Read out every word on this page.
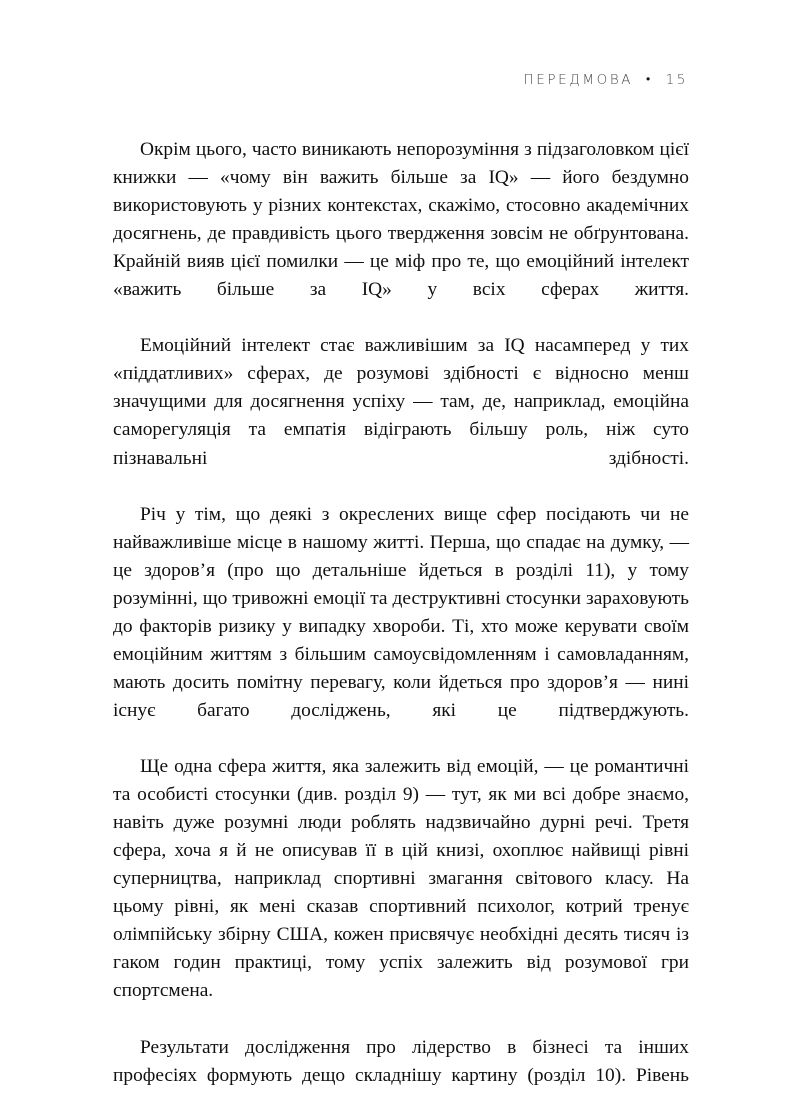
ПЕРЕДМОВА  •  15

Окрім цього, часто виникають непорозуміння з підзаголовком цієї книжки — «чому він важить більше за IQ» — його бездумно використовують у різних контекстах, скажімо, стосовно академічних досягнень, де правдивість цього твердження зовсім не обґрунтована. Крайній вияв цієї помилки — це міф про те, що емоційний інтелект «важить більше за IQ» у всіх сферах життя.

Емоційний інтелект стає важливішим за IQ насамперед у тих «піддатливих» сферах, де розумові здібності є відносно менш значущими для досягнення успіху — там, де, наприклад, емоційна саморегуляція та емпатія відіграють більшу роль, ніж суто пізнавальні здібності.

Річ у тім, що деякі з окреслених вище сфер посідають чи не найважливіше місце в нашому житті. Перша, що спадає на думку, — це здоров’я (про що детальніше йдеться в розділі 11), у тому розумінні, що тривожні емоції та деструктивні стосунки зараховують до факторів ризику у випадку хвороби. Ті, хто може керувати своїм емоційним життям з більшим самоусвідомленням і самовладанням, мають досить помітну перевагу, коли йдеться про здоров’я — нині існує багато досліджень, які це підтверджують.

Ще одна сфера життя, яка залежить від емоцій, — це романтичні та особисті стосунки (див. розділ 9) — тут, як ми всі добре знаємо, навіть дуже розумні люди роблять надзвичайно дурні речі. Третя сфера, хоча я й не описував її в цій книзі, охоплює найвищі рівні суперництва, наприклад спортивні змагання світового класу. На цьому рівні, як мені сказав спортивний психолог, котрий тренує олімпійську збірну США, кожен присвячує необхідні десять тисяч із гаком годин практиці, тому успіх залежить від розумової гри спортсмена.

Результати дослідження про лідерство в бізнесі та інших професіях формують дещо складнішу картину (розділ 10). Рівень
